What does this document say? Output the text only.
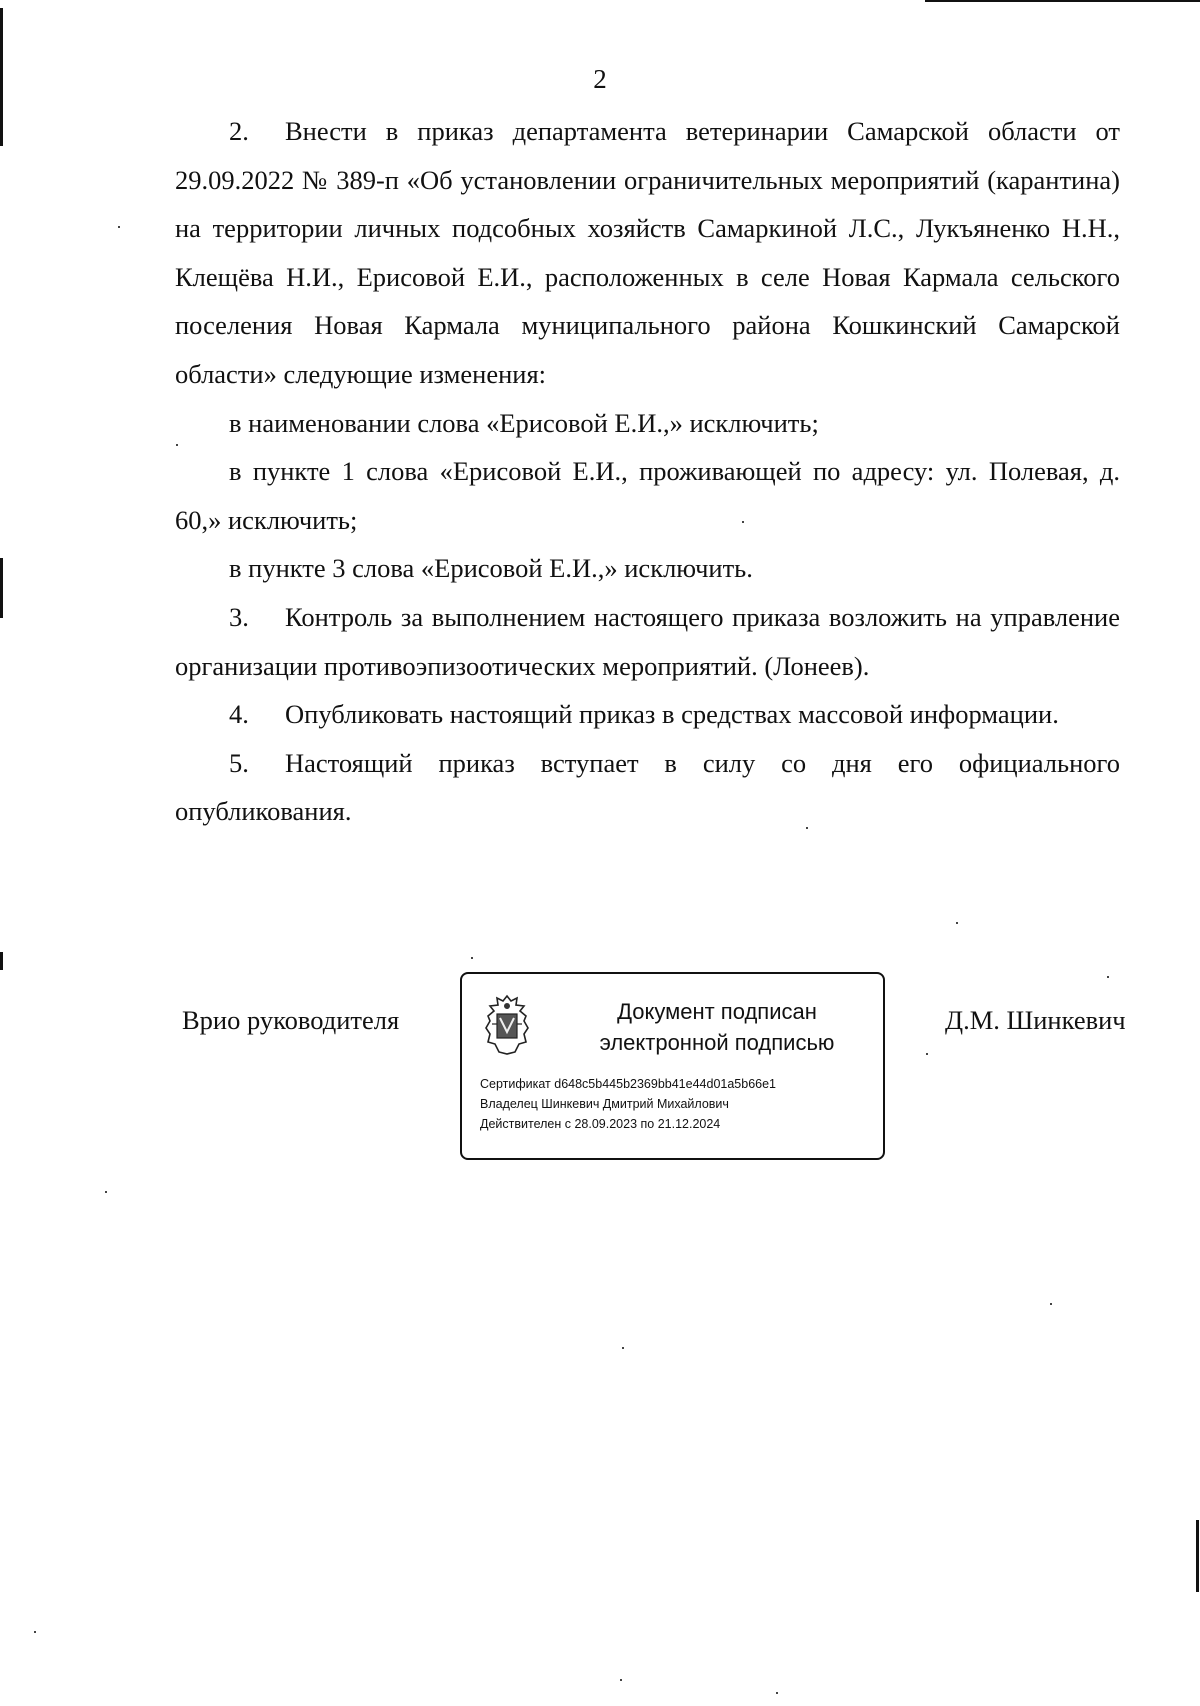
2

2. Внести в приказ департамента ветеринарии Самарской области от 29.09.2022 № 389-п «Об установлении ограничительных мероприятий (карантина) на территории личных подсобных хозяйств Самаркиной Л.С., Лукъяненко Н.Н., Клещёва Н.И., Ерисовой Е.И., расположенных в селе Новая Кармала сельского поселения Новая Кармала муниципального района Кошкинский Самарской области» следующие изменения:

в наименовании слова «Ерисовой Е.И.,» исключить;

в пункте 1 слова «Ерисовой Е.И., проживающей по адресу: ул. Полевая, д. 60,» исключить;

в пункте 3 слова «Ерисовой Е.И.,» исключить.

3. Контроль за выполнением настоящего приказа возложить на управление организации противоэпизоотических мероприятий. (Лонеев).

4. Опубликовать настоящий приказ в средствах массовой информации.

5. Настоящий приказ вступает в силу со дня его официального опубликования.

Врио руководителя	Документ подписан
электронной подписью
Сертификат d648c5b445b2369bb41e44d01a5b66e1
Владелец Шинкевич Дмитрий Михайлович
Действителен с 28.09.2023 по 21.12.2024
Д.М. Шинкевич
